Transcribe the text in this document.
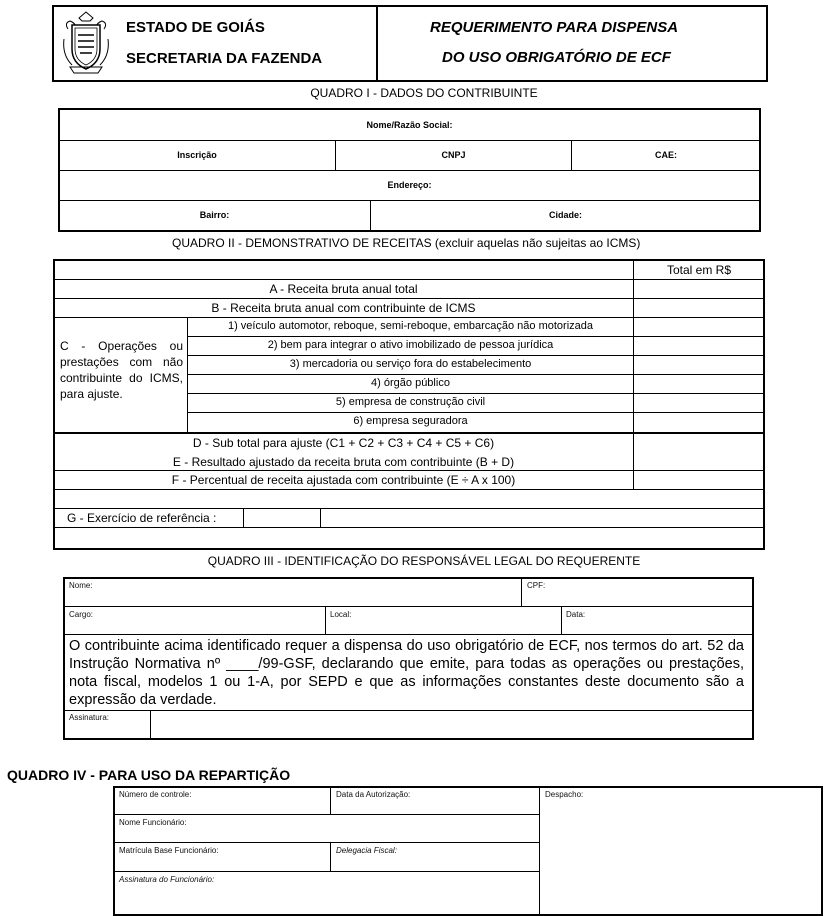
ESTADO DE GOIÁS
SECRETARIA DA FAZENDA
REQUERIMENTO PARA DISPENSA
DO USO OBRIGATÓRIO DE ECF
QUADRO I - DADOS DO CONTRIBUINTE
Nome/Razão Social:
Inscrição	CNPJ	CAE:
Endereço:
Bairro:	Cidade:
QUADRO II - DEMONSTRATIVO DE RECEITAS (excluir aquelas não sujeitas ao ICMS)
Total em R$
A - Receita bruta anual total
B - Receita bruta anual com contribuinte de ICMS
C - Operações ou prestações com não contribuinte do ICMS, para ajuste.
1) veículo automotor, reboque, semi-reboque, embarcação não motorizada
2) bem para integrar o ativo imobilizado de pessoa jurídica
3) mercadoria ou serviço fora do estabelecimento
4) órgão público
5) empresa de construção civil
6) empresa seguradora
D - Sub total para ajuste (C1 + C2 + C3 + C4 + C5 + C6)
E - Resultado ajustado da receita bruta com contribuinte (B + D)
F - Percentual de receita ajustada com contribuinte (E ÷ A x 100)
G - Exercício de referência :
QUADRO III - IDENTIFICAÇÃO DO RESPONSÁVEL LEGAL DO REQUERENTE
Nome:	CPF:
Cargo:	Local:	Data:
O contribuinte acima identificado requer a dispensa do uso obrigatório de ECF, nos termos do art. 52 da Instrução Normativa nº ____/99-GSF, declarando que emite, para todas as operações ou prestações, nota fiscal, modelos 1 ou 1-A, por SEPD e que as informações constantes deste documento são a expressão da verdade.
Assinatura:
QUADRO IV - PARA USO DA REPARTIÇÃO
Número de controle:	Data da Autorização:	Despacho:
Nome Funcionário:
Matrícula Base Funcionário:	Delegacia Fiscal:
Assinatura do Funcionário:
